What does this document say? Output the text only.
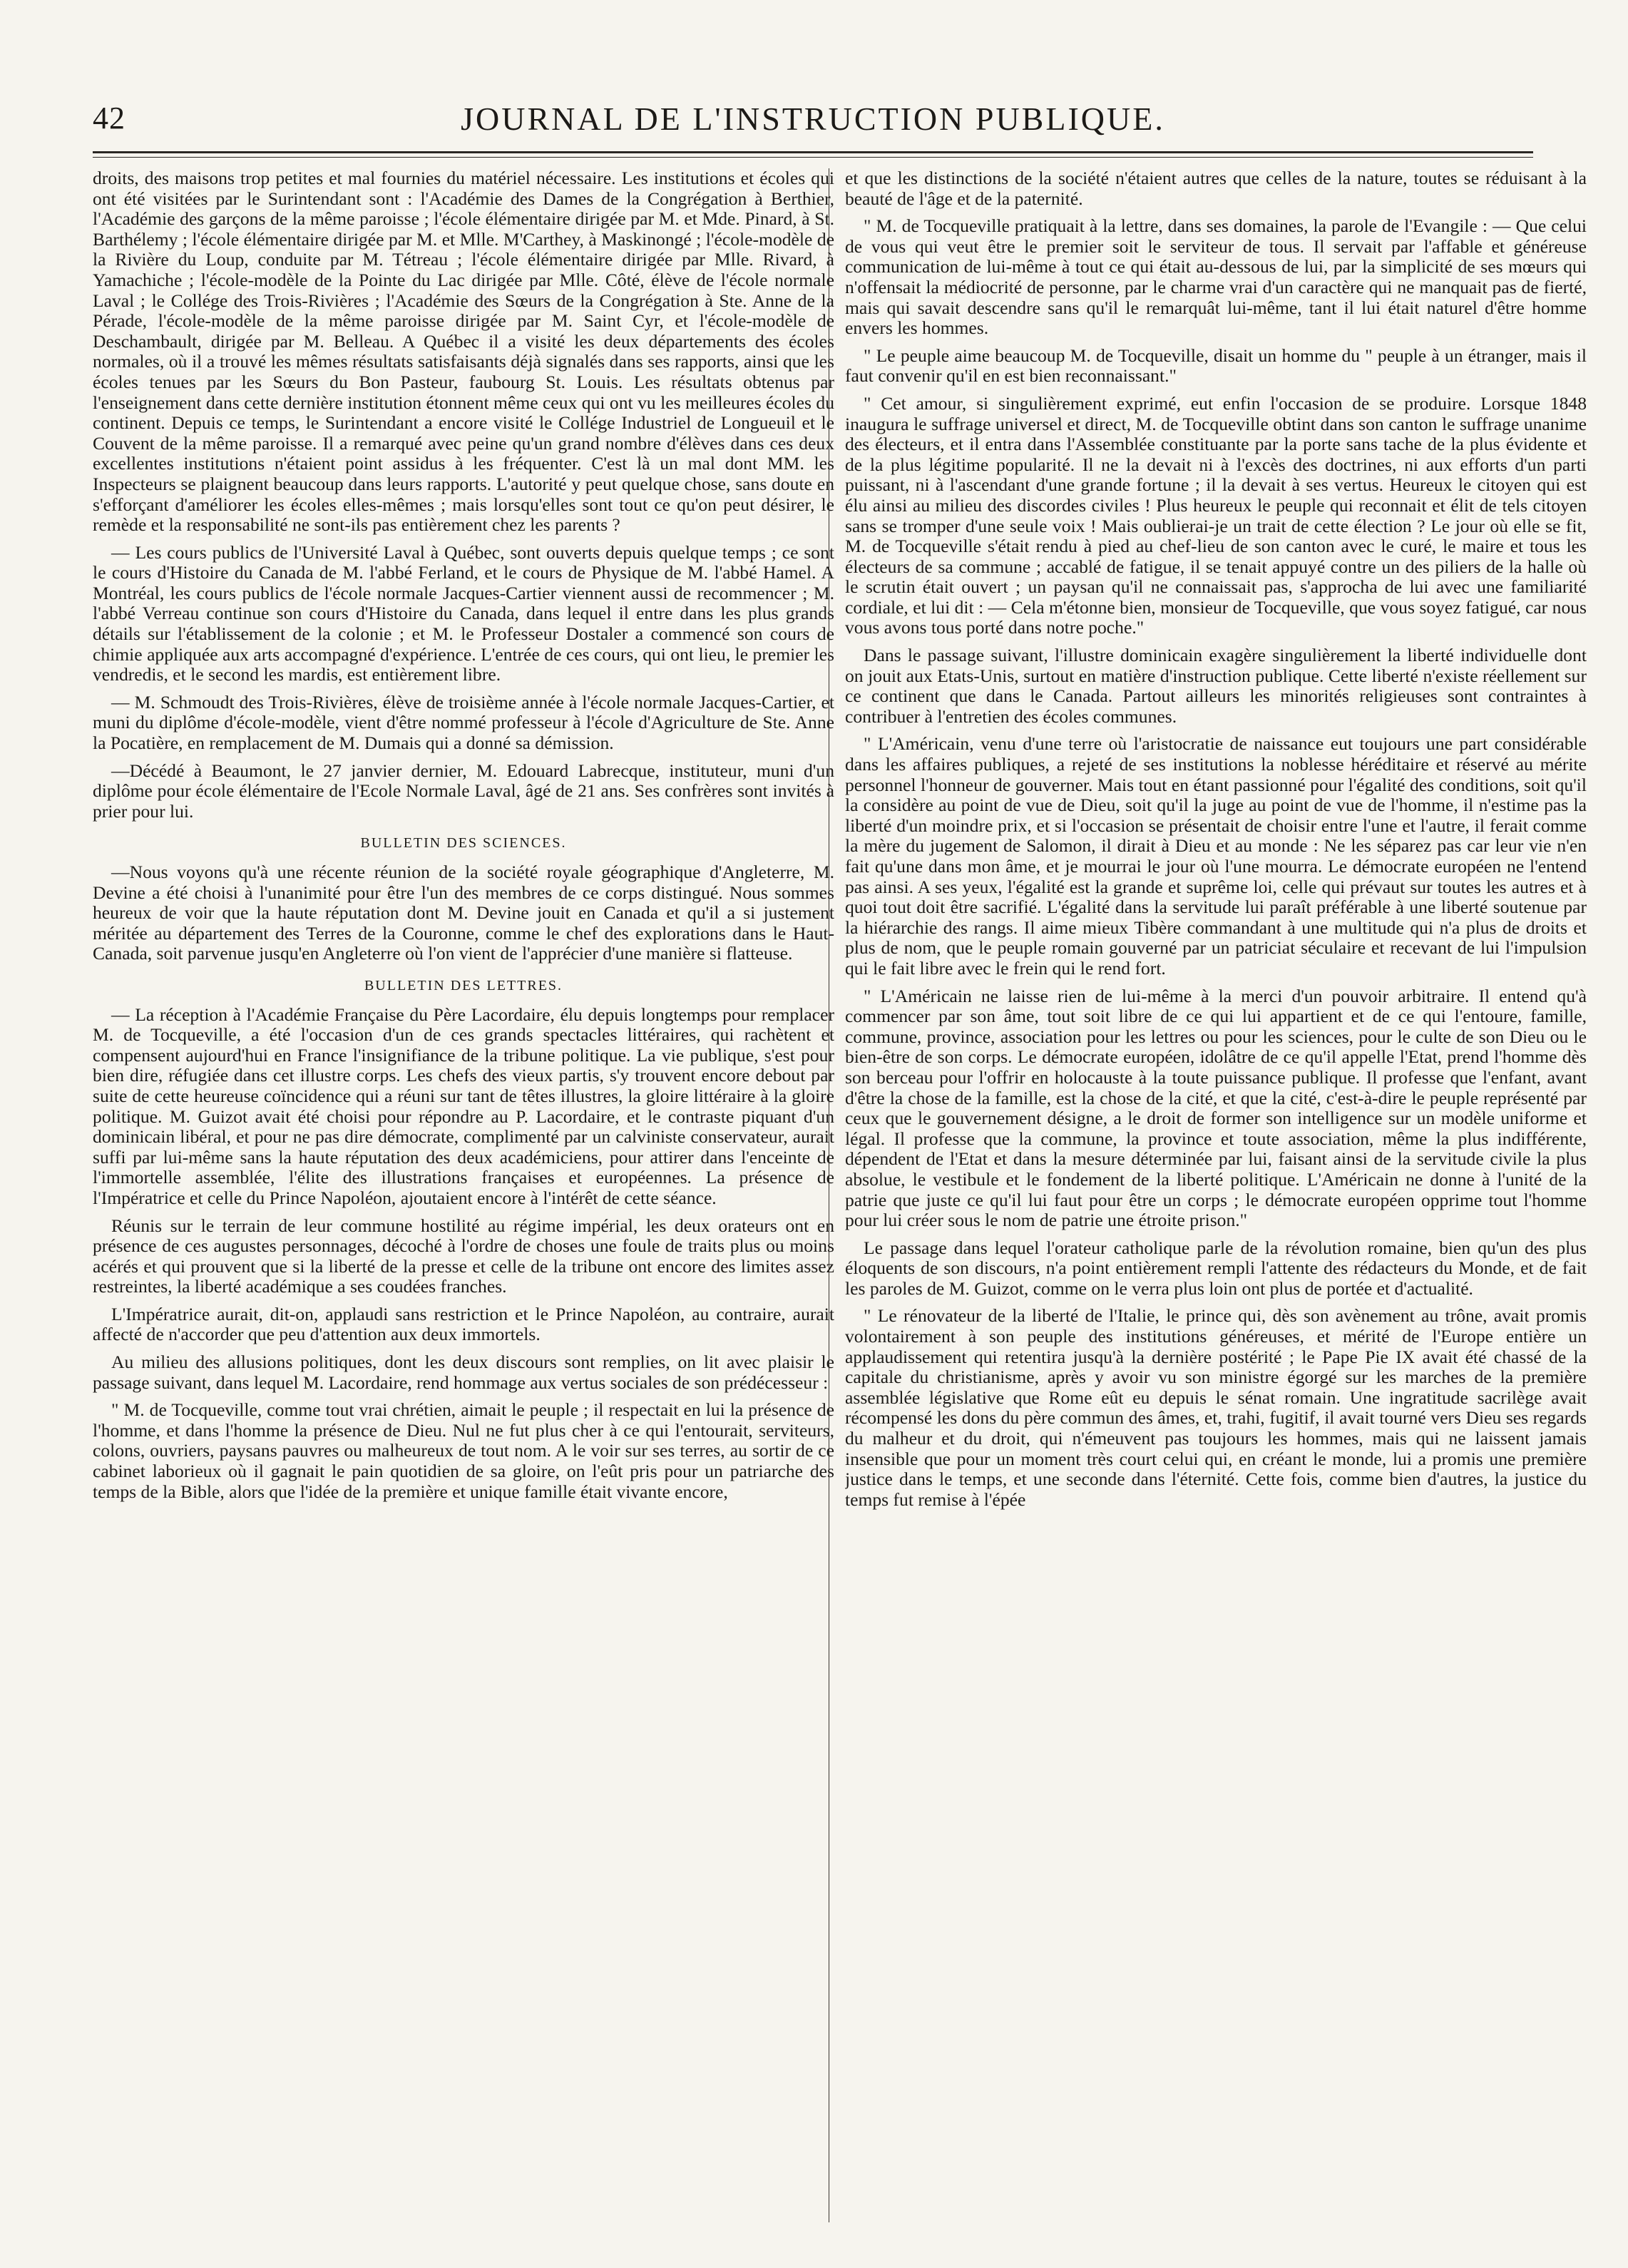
42	JOURNAL DE L'INSTRUCTION PUBLIQUE.

droits, des maisons trop petites et mal fournies du matériel nécessaire. Les institutions et écoles qui ont été visitées par le Surintendant sont : l'Académie des Dames de la Congrégation à Berthier, l'Académie des garçons de la même paroisse ; l'école élémentaire dirigée par M. et Mde. Pinard, à St. Barthélemy ; l'école élémentaire dirigée par M. et Mlle. M'Carthey, à Maskinongé ; l'école-modèle de la Rivière du Loup, conduite par M. Tétreau ; l'école élémentaire dirigée par Mlle. Rivard, à Yamachiche ; l'école-modèle de la Pointe du Lac dirigée par Mlle. Côté, élève de l'école normale Laval ; le Collége des Trois-Rivières ; l'Académie des Sœurs de la Congrégation à Ste. Anne de la Pérade, l'école-modèle de la même paroisse dirigée par M. Saint Cyr, et l'école-modèle de Deschambault, dirigée par M. Belleau. A Québec il a visité les deux départements des écoles normales, où il a trouvé les mêmes résultats satisfaisants déjà signalés dans ses rapports, ainsi que les écoles tenues par les Sœurs du Bon Pasteur, faubourg St. Louis. Les résultats obtenus par l'enseignement dans cette dernière institution étonnent même ceux qui ont vu les meilleures écoles du continent. Depuis ce temps, le Surintendant a encore visité le Collége Industriel de Longueuil et le Couvent de la même paroisse. Il a remarqué avec peine qu'un grand nombre d'élèves dans ces deux excellentes institutions n'étaient point assidus à les fréquenter. C'est là un mal dont MM. les Inspecteurs se plaignent beaucoup dans leurs rapports. L'autorité y peut quelque chose, sans doute en s'efforçant d'améliorer les écoles elles-mêmes ; mais lorsqu'elles sont tout ce qu'on peut désirer, le remède et la responsabilité ne sont-ils pas entièrement chez les parents ?

— Les cours publics de l'Université Laval à Québec, sont ouverts depuis quelque temps ; ce sont le cours d'Histoire du Canada de M. l'abbé Ferland, et le cours de Physique de M. l'abbé Hamel. A Montréal, les cours publics de l'école normale Jacques-Cartier viennent aussi de recommencer ; M. l'abbé Verreau continue son cours d'Histoire du Canada, dans lequel il entre dans les plus grands détails sur l'établissement de la colonie ; et M. le Professeur Dostaler a commencé son cours de chimie appliquée aux arts accompagné d'expérience. L'entrée de ces cours, qui ont lieu, le premier les vendredis, et le second les mardis, est entièrement libre.

— M. Schmoudt des Trois-Rivières, élève de troisième année à l'école normale Jacques-Cartier, et muni du diplôme d'école-modèle, vient d'être nommé professeur à l'école d'Agriculture de Ste. Anne la Pocatière, en remplacement de M. Dumais qui a donné sa démission.

—Décédé à Beaumont, le 27 janvier dernier, M. Edouard Labrecque, instituteur, muni d'un diplôme pour école élémentaire de l'Ecole Normale Laval, âgé de 21 ans. Ses confrères sont invités à prier pour lui.

BULLETIN DES SCIENCES.

—Nous voyons qu'à une récente réunion de la société royale géographique d'Angleterre, M. Devine a été choisi à l'unanimité pour être l'un des membres de ce corps distingué. Nous sommes heureux de voir que la haute réputation dont M. Devine jouit en Canada et qu'il a si justement méritée au département des Terres de la Couronne, comme le chef des explorations dans le Haut-Canada, soit parvenue jusqu'en Angleterre où l'on vient de l'apprécier d'une manière si flatteuse.

BULLETIN DES LETTRES.

— La réception à l'Académie Française du Père Lacordaire, élu depuis longtemps pour remplacer M. de Tocqueville, a été l'occasion d'un de ces grands spectacles littéraires, qui rachètent et compensent aujourd'hui en France l'insignifiance de la tribune politique. La vie publique, s'est pour bien dire, réfugiée dans cet illustre corps. Les chefs des vieux partis, s'y trouvent encore debout par suite de cette heureuse coïncidence qui a réuni sur tant de têtes illustres, la gloire littéraire à la gloire politique. M. Guizot avait été choisi pour répondre au P. Lacordaire, et le contraste piquant d'un dominicain libéral, et pour ne pas dire démocrate, complimenté par un calviniste conservateur, aurait suffi par lui-même sans la haute réputation des deux académiciens, pour attirer dans l'enceinte de l'immortelle assemblée, l'élite des illustrations françaises et européennes. La présence de l'Impératrice et celle du Prince Napoléon, ajoutaient encore à l'intérêt de cette séance.

Réunis sur le terrain de leur commune hostilité au régime impérial, les deux orateurs ont en présence de ces augustes personnages, décoché à l'ordre de choses une foule de traits plus ou moins acérés et qui prouvent que si la liberté de la presse et celle de la tribune ont encore des limites assez restreintes, la liberté académique a ses coudées franches.

L'Impératrice aurait, dit-on, applaudi sans restriction et le Prince Napoléon, au contraire, aurait affecté de n'accorder que peu d'attention aux deux immortels.

Au milieu des allusions politiques, dont les deux discours sont remplies, on lit avec plaisir le passage suivant, dans lequel M. Lacordaire, rend hommage aux vertus sociales de son prédécesseur :

" M. de Tocqueville, comme tout vrai chrétien, aimait le peuple ; il respectait en lui la présence de l'homme, et dans l'homme la présence de Dieu. Nul ne fut plus cher à ce qui l'entourait, serviteurs, colons, ouvriers, paysans pauvres ou malheureux de tout nom. A le voir sur ses terres, au sortir de ce cabinet laborieux où il gagnait le pain quotidien de sa gloire, on l'eût pris pour un patriarche des temps de la Bible, alors que l'idée de la première et unique famille était vivante encore,

et que les distinctions de la société n'étaient autres que celles de la nature, toutes se réduisant à la beauté de l'âge et de la paternité.

" M. de Tocqueville pratiquait à la lettre, dans ses domaines, la parole de l'Evangile : — Que celui de vous qui veut être le premier soit le serviteur de tous. Il servait par l'affable et généreuse communication de lui-même à tout ce qui était au-dessous de lui, par la simplicité de ses mœurs qui n'offensait la médiocrité de personne, par le charme vrai d'un caractère qui ne manquait pas de fierté, mais qui savait descendre sans qu'il le remarquât lui-même, tant il lui était naturel d'être homme envers les hommes.

" Le peuple aime beaucoup M. de Tocqueville, disait un homme du " peuple à un étranger, mais il faut convenir qu'il en est bien reconnaissant."

" Cet amour, si singulièrement exprimé, eut enfin l'occasion de se produire. Lorsque 1848 inaugura le suffrage universel et direct, M. de Tocqueville obtint dans son canton le suffrage unanime des électeurs, et il entra dans l'Assemblée constituante par la porte sans tache de la plus évidente et de la plus légitime popularité. Il ne la devait ni à l'excès des doctrines, ni aux efforts d'un parti puissant, ni à l'ascendant d'une grande fortune ; il la devait à ses vertus. Heureux le citoyen qui est élu ainsi au milieu des discordes civiles ! Plus heureux le peuple qui reconnait et élit de tels citoyen sans se tromper d'une seule voix ! Mais oublierai-je un trait de cette élection ? Le jour où elle se fit, M. de Tocqueville s'était rendu à pied au chef-lieu de son canton avec le curé, le maire et tous les électeurs de sa commune ; accablé de fatigue, il se tenait appuyé contre un des piliers de la halle où le scrutin était ouvert ; un paysan qu'il ne connaissait pas, s'approcha de lui avec une familiarité cordiale, et lui dit : — Cela m'étonne bien, monsieur de Tocqueville, que vous soyez fatigué, car nous vous avons tous porté dans notre poche."

Dans le passage suivant, l'illustre dominicain exagère singulièrement la liberté individuelle dont on jouit aux Etats-Unis, surtout en matière d'instruction publique. Cette liberté n'existe réellement sur ce continent que dans le Canada. Partout ailleurs les minorités religieuses sont contraintes à contribuer à l'entretien des écoles communes.

" L'Américain, venu d'une terre où l'aristocratie de naissance eut toujours une part considérable dans les affaires publiques, a rejeté de ses institutions la noblesse héréditaire et réservé au mérite personnel l'honneur de gouverner. Mais tout en étant passionné pour l'égalité des conditions, soit qu'il la considère au point de vue de Dieu, soit qu'il la juge au point de vue de l'homme, il n'estime pas la liberté d'un moindre prix, et si l'occasion se présentait de choisir entre l'une et l'autre, il ferait comme la mère du jugement de Salomon, il dirait à Dieu et au monde : Ne les séparez pas car leur vie n'en fait qu'une dans mon âme, et je mourrai le jour où l'une mourra. Le démocrate européen ne l'entend pas ainsi. A ses yeux, l'égalité est la grande et suprême loi, celle qui prévaut sur toutes les autres et à quoi tout doit être sacrifié. L'égalité dans la servitude lui paraît préférable à une liberté soutenue par la hiérarchie des rangs. Il aime mieux Tibère commandant à une multitude qui n'a plus de droits et plus de nom, que le peuple romain gouverné par un patriciat séculaire et recevant de lui l'impulsion qui le fait libre avec le frein qui le rend fort.

" L'Américain ne laisse rien de lui-même à la merci d'un pouvoir arbitraire. Il entend qu'à commencer par son âme, tout soit libre de ce qui lui appartient et de ce qui l'entoure, famille, commune, province, association pour les lettres ou pour les sciences, pour le culte de son Dieu ou le bien-être de son corps. Le démocrate européen, idolâtre de ce qu'il appelle l'Etat, prend l'homme dès son berceau pour l'offrir en holocauste à la toute puissance publique. Il professe que l'enfant, avant d'être la chose de la famille, est la chose de la cité, et que la cité, c'est-à-dire le peuple représenté par ceux que le gouvernement désigne, a le droit de former son intelligence sur un modèle uniforme et légal. Il professe que la commune, la province et toute association, même la plus indifférente, dépendent de l'Etat et dans la mesure déterminée par lui, faisant ainsi de la servitude civile la plus absolue, le vestibule et le fondement de la liberté politique. L'Américain ne donne à l'unité de la patrie que juste ce qu'il lui faut pour être un corps ; le démocrate européen opprime tout l'homme pour lui créer sous le nom de patrie une étroite prison."

Le passage dans lequel l'orateur catholique parle de la révolution romaine, bien qu'un des plus éloquents de son discours, n'a point entièrement rempli l'attente des rédacteurs du Monde, et de fait les paroles de M. Guizot, comme on le verra plus loin ont plus de portée et d'actualité.

" Le rénovateur de la liberté de l'Italie, le prince qui, dès son avènement au trône, avait promis volontairement à son peuple des institutions généreuses, et mérité de l'Europe entière un applaudissement qui retentira jusqu'à la dernière postérité ; le Pape Pie IX avait été chassé de la capitale du christianisme, après y avoir vu son ministre égorgé sur les marches de la première assemblée législative que Rome eût eu depuis le sénat romain. Une ingratitude sacrilège avait récompensé les dons du père commun des âmes, et, trahi, fugitif, il avait tourné vers Dieu ses regards du malheur et du droit, qui n'émeuvent pas toujours les hommes, mais qui ne laissent jamais insensible que pour un moment très court celui qui, en créant le monde, lui a promis une première justice dans le temps, et une seconde dans l'éternité. Cette fois, comme bien d'autres, la justice du temps fut remise à l'épée
